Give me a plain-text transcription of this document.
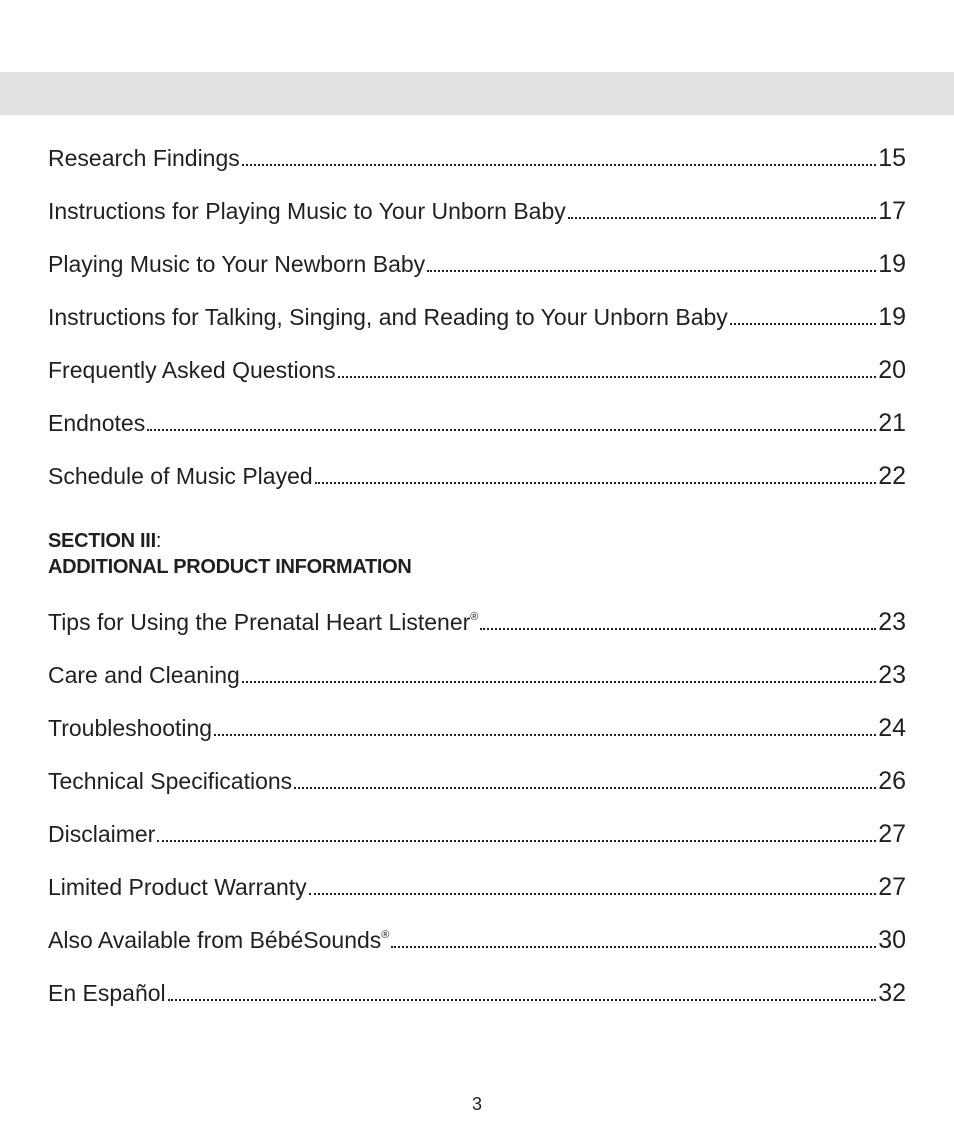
Research Findings	15
Instructions for Playing Music to Your Unborn Baby	17
Playing Music to Your Newborn Baby	19
Instructions for Talking, Singing, and Reading to Your Unborn Baby	19
Frequently Asked Questions	20
Endnotes	21
Schedule of Music Played	22
SECTION III:
ADDITIONAL PRODUCT INFORMATION
Tips for Using the Prenatal Heart Listener®	23
Care and Cleaning	23
Troubleshooting	24
Technical Specifications	26
Disclaimer	27
Limited Product Warranty	27
Also Available from BébéSounds®	30
En Español	32
3
